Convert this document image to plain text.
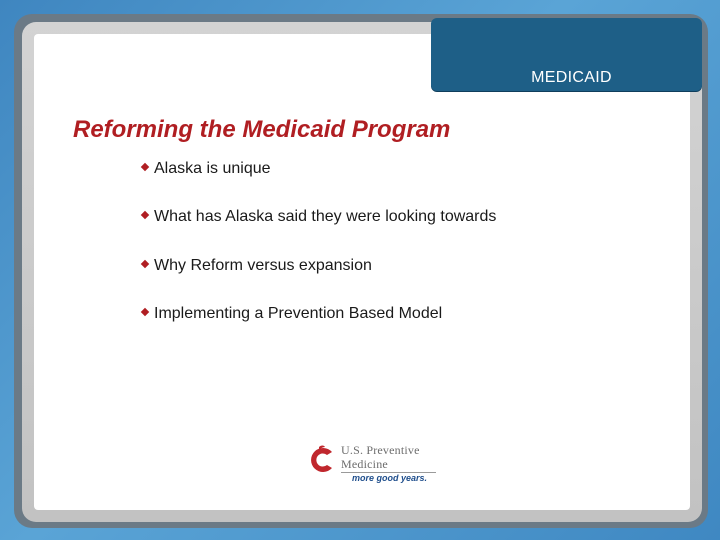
MEDICAID
Reforming the Medicaid Program
Alaska is unique
What has Alaska said they were looking towards
Why Reform versus expansion
Implementing a Prevention Based Model
U.S. Preventive
Medicine
more good years.
